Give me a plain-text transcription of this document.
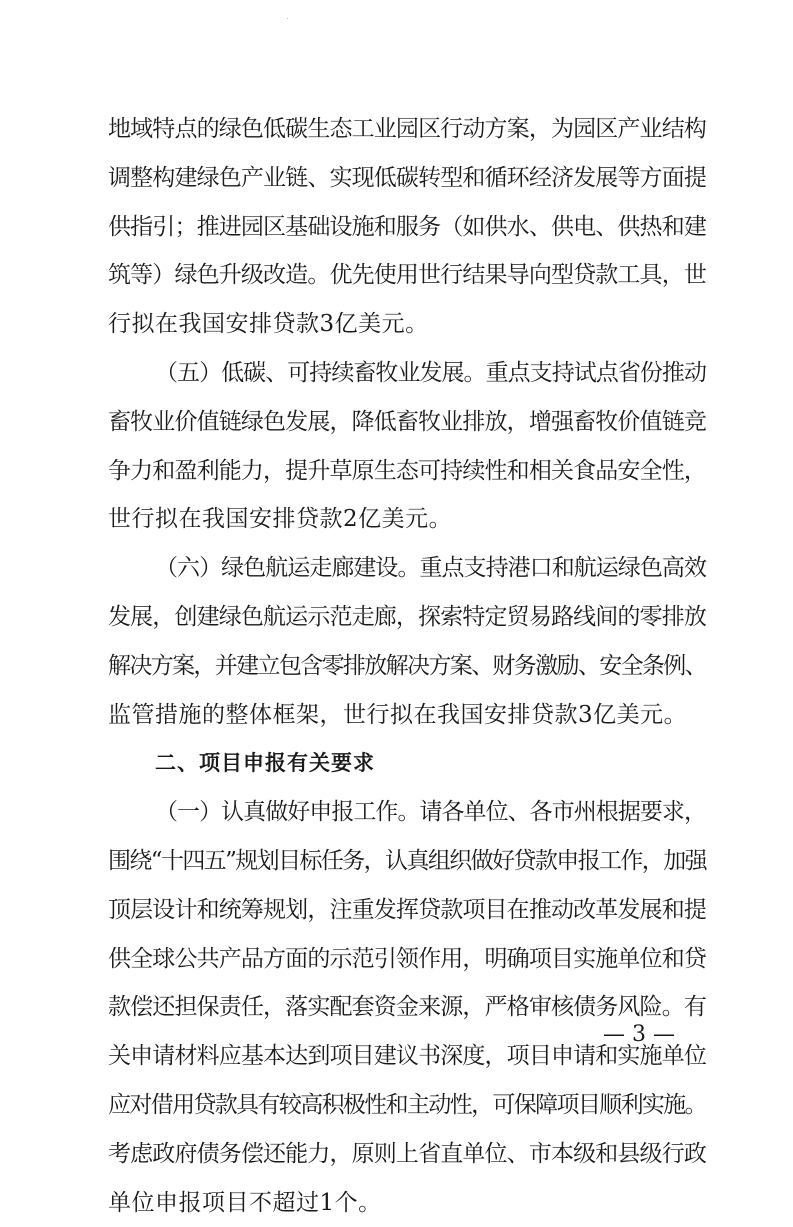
地域特点的绿色低碳生态工业园区行动方案，为园区产业结构
调整构建绿色产业链、实现低碳转型和循环经济发展等方面提
供指引；推进园区基础设施和服务（如供水、供电、供热和建
筑等）绿色升级改造。优先使用世行结果导向型贷款工具，世
行拟在我国安排贷款3亿美元。
（五）低碳、可持续畜牧业发展。重点支持试点省份推动
畜牧业价值链绿色发展，降低畜牧业排放，增强畜牧价值链竞
争力和盈利能力，提升草原生态可持续性和相关食品安全性，
世行拟在我国安排贷款2亿美元。
（六）绿色航运走廊建设。重点支持港口和航运绿色高效
发展，创建绿色航运示范走廊，探索特定贸易路线间的零排放
解决方案，并建立包含零排放解决方案、财务激励、安全条例、
监管措施的整体框架，世行拟在我国安排贷款3亿美元。
二、项目申报有关要求
（一）认真做好申报工作。请各单位、各市州根据要求，
围绕“十四五”规划目标任务，认真组织做好贷款申报工作，加强
顶层设计和统筹规划，注重发挥贷款项目在推动改革发展和提
供全球公共产品方面的示范引领作用，明确项目实施单位和贷
款偿还担保责任，落实配套资金来源，严格审核债务风险。有
关申请材料应基本达到项目建议书深度，项目申请和实施单位
应对借用贷款具有较高积极性和主动性，可保障项目顺利实施。
考虑政府债务偿还能力，原则上省直单位、市本级和县级行政
单位申报项目不超过1个。
— 3 —
